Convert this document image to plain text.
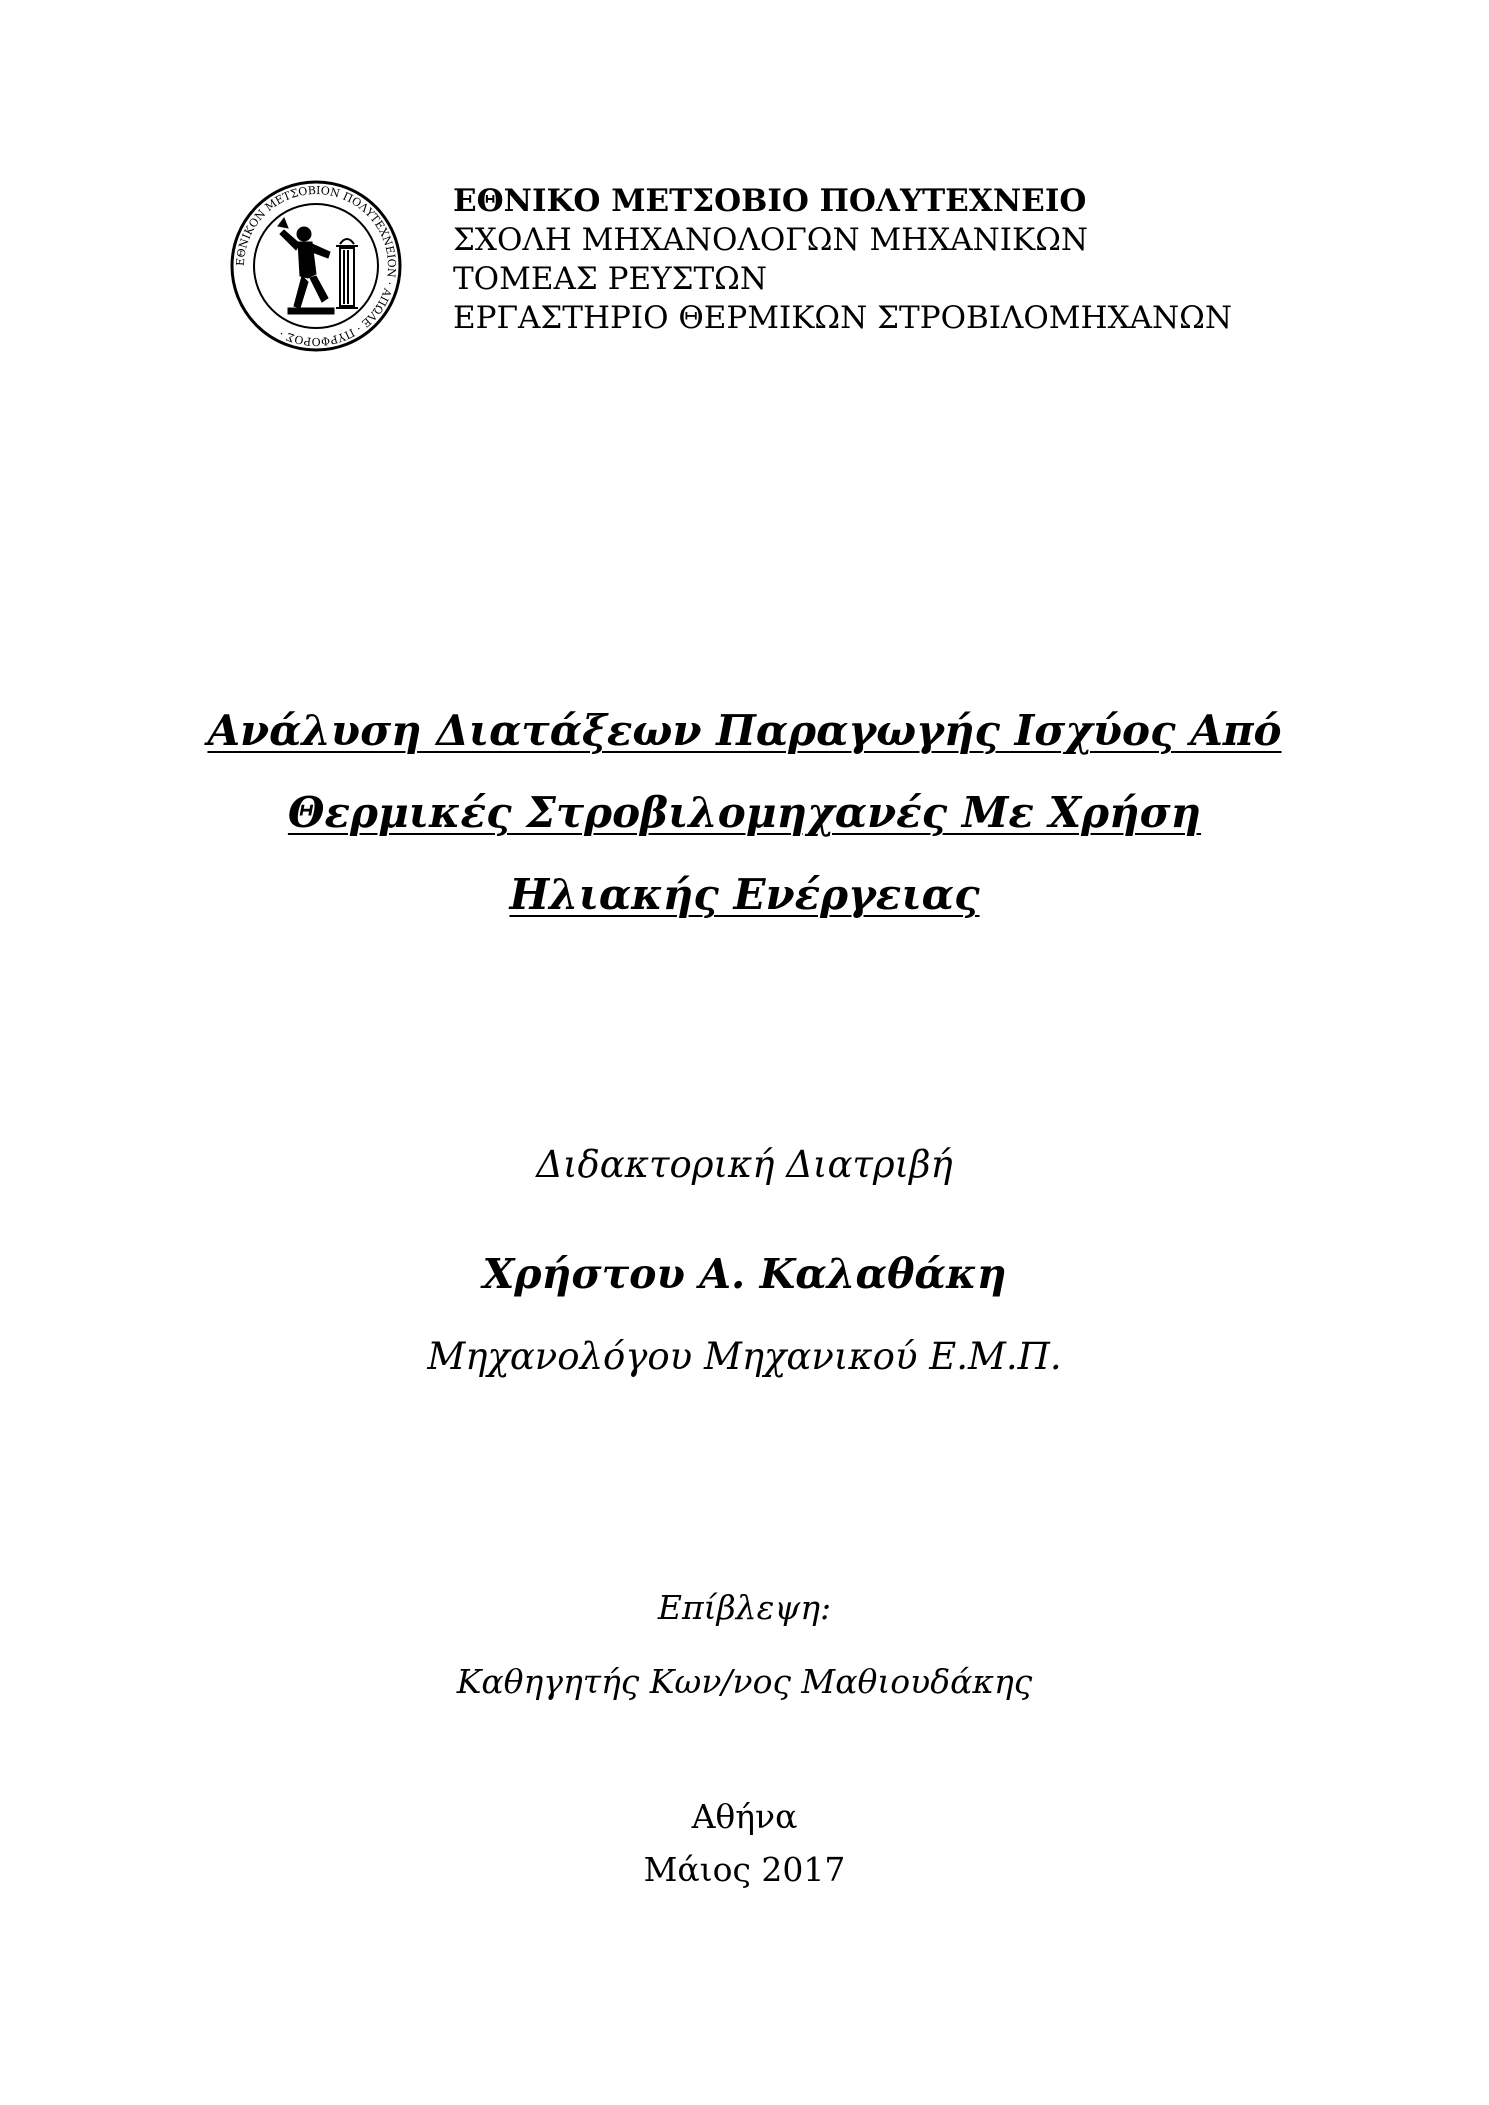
ΕΘΝΙΚΟΝ ΜΕΤΣΟΒΙΟΝ ΠΟΛΥΤΕΧΝΕΙΟΝ · ΑΠΩΛΕ · ΠΥΡΦΟΡΟΣ ·
ΕΘΝΙΚΟ ΜΕΤΣΟΒΙΟ ΠΟΛΥΤΕΧΝΕΙΟ
ΣΧΟΛΗ ΜΗΧΑΝΟΛΟΓΩΝ ΜΗΧΑΝΙΚΩΝ
ΤΟΜΕΑΣ ΡΕΥΣΤΩΝ
ΕΡΓΑΣΤΗΡΙΟ ΘΕΡΜΙΚΩΝ ΣΤΡΟΒΙΛΟΜΗΧΑΝΩΝ
Ανάλυση Διατάξεων Παραγωγής Ισχύος Από
Θερμικές Στροβιλομηχανές Με Χρήση
Ηλιακής Ενέργειας
Διδακτορική Διατριβή
Χρήστου Α. Καλαθάκη
Μηχανολόγου Μηχανικού Ε.Μ.Π.
Επίβλεψη:
Καθηγητής Κων/νος Μαθιουδάκης
Αθήνα
Μάιος 2017
